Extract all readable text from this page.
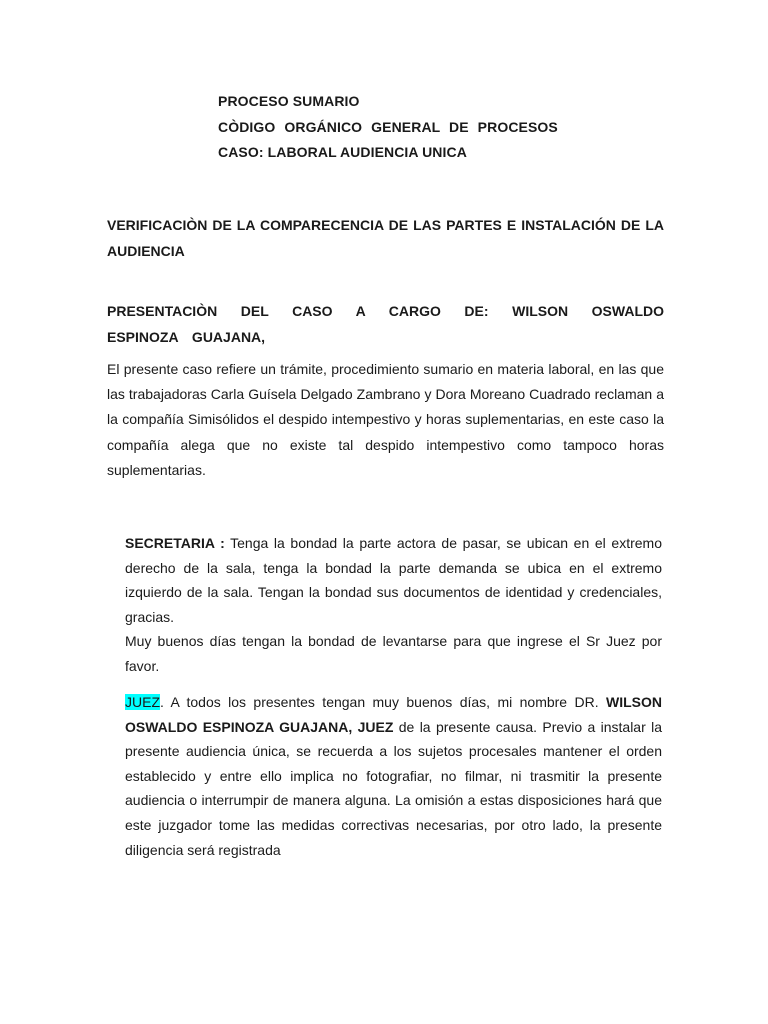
PROCESO SUMARIO
CÒDIGO ORGÁNICO GENERAL DE PROCESOS
CASO: LABORAL AUDIENCIA UNICA
VERIFICACIÒN DE LA COMPARECENCIA DE LAS PARTES E INSTALACIÓN DE LA AUDIENCIA
PRESENTACIÒN DEL CASO A CARGO DE: WILSON OSWALDO ESPINOZA GUAJANA,
El presente caso refiere un trámite, procedimiento sumario en materia laboral, en las que las trabajadoras Carla Guísela Delgado Zambrano y Dora Moreano Cuadrado reclaman a la compañía Simisólidos el despido intempestivo y horas suplementarias, en este caso la compañía alega que no existe tal despido intempestivo como tampoco horas suplementarias.
SECRETARIA : Tenga la bondad la parte actora de pasar, se ubican en el extremo derecho de la sala, tenga la bondad la parte demanda se ubica en el extremo izquierdo de la sala. Tengan la bondad sus documentos de identidad y credenciales, gracias.
Muy buenos días tengan la bondad de levantarse para que ingrese el Sr Juez por favor.
JUEZ. A todos los presentes tengan muy buenos días, mi nombre DR. WILSON OSWALDO ESPINOZA GUAJANA, JUEZ de la presente causa. Previo a instalar la presente audiencia única, se recuerda a los sujetos procesales mantener el orden establecido y entre ello implica no fotografiar, no filmar, ni trasmitir la presente audiencia o interrumpir de manera alguna. La omisión a estas disposiciones hará que este juzgador tome las medidas correctivas necesarias, por otro lado, la presente diligencia será registrada
